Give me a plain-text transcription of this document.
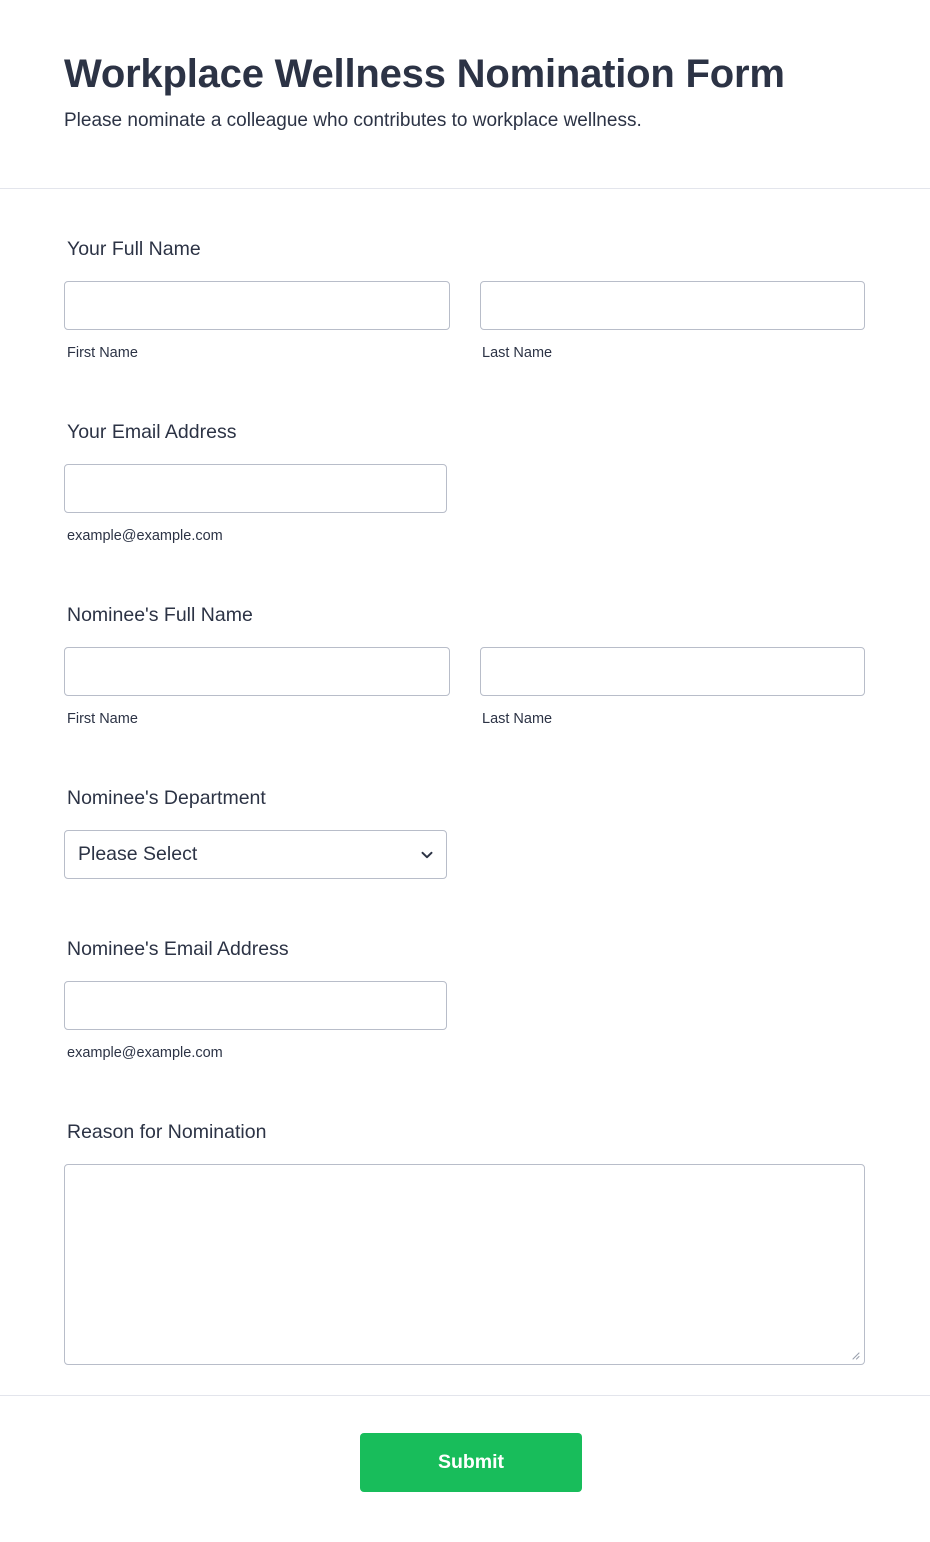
Workplace Wellness Nomination Form
Please nominate a colleague who contributes to workplace wellness.
Your Full Name
First Name	Last Name
Your Email Address
example@example.com
Nominee's Full Name
First Name	Last Name
Nominee's Department
Please Select
Nominee's Email Address
example@example.com
Reason for Nomination
Submit
